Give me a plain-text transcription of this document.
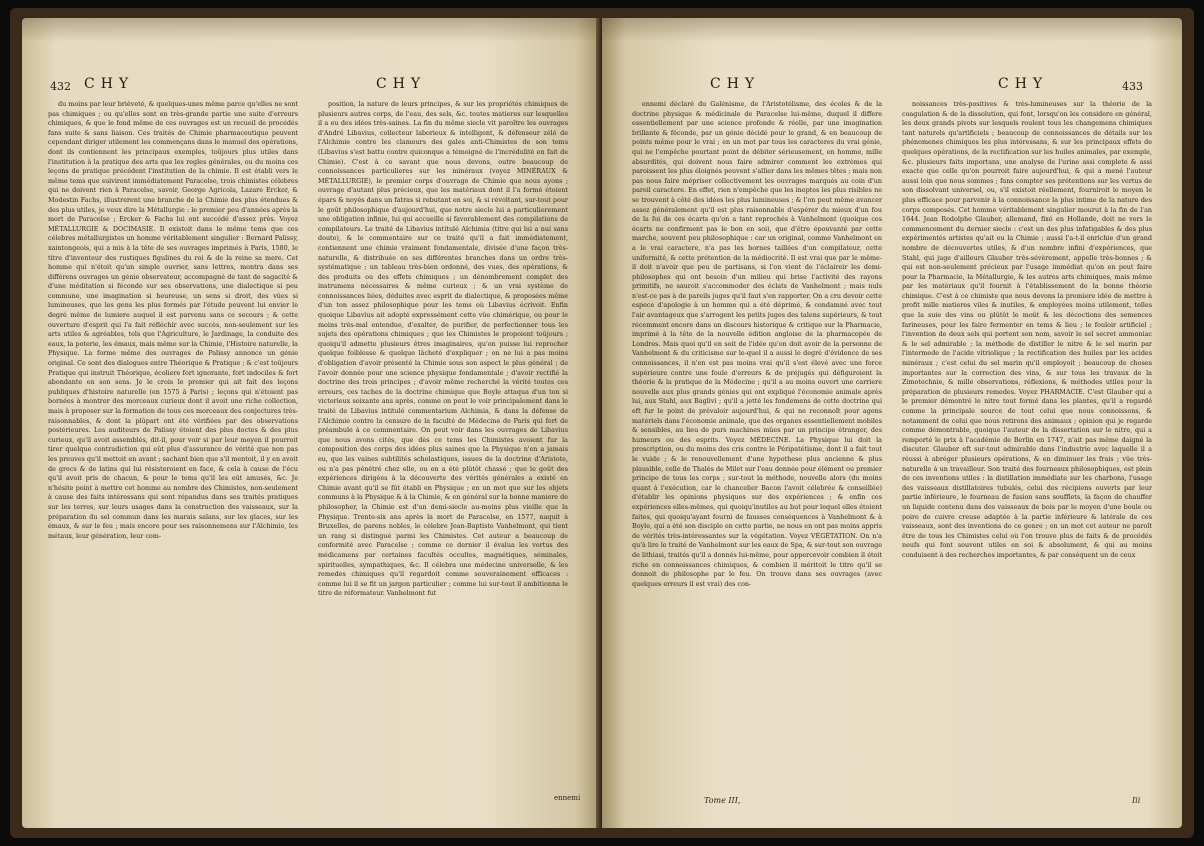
432 CHY	CHY

du moins par leur brièveté, & quelques-unes même parce qu'elles ne sont pas chimiques ; ou qu'elles sont en très-grande partie une suite d'erreurs chimiques, & que le fond même de ces ouvrages est un recueil de procédés fans suite & sans liaison. Ces traités de Chimie pharmaceutique peuvent cependant diriger utilement les commençans dans le manuel des opérations, dont ils contiennent les principaux exemples, toûjours plus utiles dans l'institution à la pratique des arts que les regles générales, ou du moins ces leçons de pratique précédent l'institution de la chimie. Il est établi vers le même tems que suivirent immédiatement Paracelse, trois chimistes célebres qui ne doivent rien à Paracelse, savoir, George Agricola, Lazare Ercker, & Modestin Fachs, illustrerent une branche de la Chimie des plus étendues & des plus utiles, je veux dire la Métallurgie : le premier peu d'années après la mort de Paracelse ; Ercker & Fachs lui ont succédé d'assez près. Voyez MÉTALLURGIE & DOCIMASIE. Il existoit dans le même tems que ces célebres métallurgistes un homme véritablement singulier : Bernard Palissy, xaintongeois, qui a mis à la tête de ses ouvrages imprimés à Paris, 1580, le titre d'inventeur des rustiques figulines du roi & de la reine sa mere. Cet homme qui n'étoit qu'un simple ouvrier, sans lettres, montra dans ses différens ouvrages un génie observateur, accompagné de tant de sagacité & d'une méditation si féconde sur ses observations, une dialectique si peu commune, une imagination si heureuse, un sens si droit, des vûes si lumineuses, que les gens les plus formés par l'étude peuvent lui envier le degré même de lumiere auquel il est parvenu sans ce secours ; & cette ouverture d'esprit qui l'a fait réfléchir avec succès, non-seulement sur les arts utiles & agréables, tels que l'Agriculture, le Jardinage, la conduite des eaux, la poterie, les émaux, mais même sur la Chimie, l'Histoire naturelle, la Physique. La forme même des ouvrages de Palissy annonce un génie original. Ce sont des dialogues entre Théorique & Pratique ; & c'est toûjours Pratique qui instruit Théorique, écoliere fort ignorante, fort indociles & fort abondante en son sens. Je le crois le premier qui ait fait des leçons publiques d'histoire naturelle (en 1575 à Paris) ; leçons qui n'étoient pas bornées à montrer des morceaux curieux dont il avoit une riche collection, mais à proposer sur la formation de tous ces morceaux des conjectures très-raisonnables, & dont la plûpart ont été vérifiées par des observations postérieures. Les auditeurs de Palissy étoient des plus doctes & des plus curieux, qu'il avoit assemblés, dit-il, pour voir si par leur moyen il pourroit tirer quelque contradiction qui eût plus d'assurance de vérité que non pas les preuves qu'il mettoit en avant ; sachant bien que s'il mentoit, il y en avoit de grecs & de latins qui lui résisteroient en face, & cela à cause de l'écu qu'il avoit pris de chacun, & pour le tems qu'il les eût amusés, &c. Je n'hésite point à mettre cet homme au nombre des Chimistes, non-seulement à cause des faits intéressans qui sont répandus dans ses traités pratiques sur les terres, sur leurs usages dans la construction des vaisseaux, sur la préparation du sel commun dans les marais salans, sur les glaces, sur les émaux, & sur le feu ; mais encore pour ses raisonnemens sur l'Alchimie, les métaux, leur génération, leur com-

position, la nature de leurs principes, & sur les propriétés chimiques de plusieurs autres corps, de l'eau, des sels, &c. toutes matieres sur lesquelles il a eu des idées très-saines. La fin du même siecle vit paroître les ouvrages d'André Libavius, collecteur laborieux & intelligent, & défenseur zélé de l'Alchimie contre les clameurs des gales anti-Chimistes de son tems (Libavius s'est battu contre quiconque a témoigné de l'incrédulité en fait de Chimie). C'est à ce savant que nous devons, outre beaucoup de connoissances particulieres sur les minéraux (voyez MINÉRAUX & MÉTALLURGIE), le premier corps d'ouvrage de Chimie que nous ayons ; ouvrage d'autant plus précieux, que les matériaux dont il l'a formé étoient épars & noyés dans un fatras si rebutant en soi, & si révoltant, sur-tout pour le goût philosophique d'aujourd'hui, que notre siecle lui a particulierement une obligation infinie, lui qui accueille si favorablement des compilations de compilateurs. Le traité de Libavius intitulé Alchimia (titre qui lui a nui sans doute), & le commentaire sur ce traité qu'il a fait immédiatement, contiennent une chimie vraiment fondamentale, divisée d'une façon très-naturelle, & distribuée en ses différentes branches dans un ordre très-systématique ; un tableau très-bien ordonné, des vues, des opérations, & des produits ou des effets chimiques ; un dénombrement complet des instrumens nécessaires & même curieux ; & un vrai système de connoissances liées, déduites avec esprit de dialectique, & proposées même d'un ton assez philosophique pour les tems où Libavius écrivoit. Enfin quoique Libavius ait adopté expressément cette vûe chimérique, ou pour le moins très-mal entendue, d'exalter, de purifier, de perfectionner tous les sujets des opérations chimiques ; que les Chimistes le propoient toûjours ; quoiqu'il admette plusieurs êtres imaginaires, qu'on puisse lui reprocher quelque foiblesse & quelque lâcheté d'expliquer ; on ne lui a pas moins d'obligation d'avoir présenté la Chimie sous son aspect le plus général ; de l'avoir donnée pour une science physique fondamentale ; d'avoir rectifié la doctrine des trois principes ; d'avoir même recherché la vérité toutes ces erreurs, ces taches de la doctrine chimique que Boyle attaqua d'un ton si victorieux soixante ans après, comme on peut le voir principalement dans le traité de Libavius intitulé commentarium Alchimia, & dans la défense de l'Alchimie contre la censure de la faculté de Médecine de Paris qui fert de préambule à ce commentaire. On peut voir dans les ouvrages de Libavius que nous avons cités, que dès ce tems les Chimistes avoient fur la composition des corps des idées plus saines que la Physique n'en a jamais eu, que les vaines subtilités scholastiques, issues de la doctrine d'Aristote, ou n'a pas pénétré chez elle, ou en a été plûtôt chassé ; que le goût des expériences dirigées à la découverte des vérités générales a existé en Chimie avant qu'il se fût établi en Physique ; en un mot que sur les objets communs à la Physique & à la Chimie, & en général sur la bonne maniere de philosopher, la Chimie est d'un demi-siecle au-moins plus vieille que la Physique. Trente-six ans après la mort de Paracelse, en 1577, naquit à Bruxelles, de parens nobles, le célebre Jean-Baptiste Vanhelmont, qui tient un rang si distingué parmi les Chimistes. Cet auteur a beaucoup de conformité avec Paracelse ; comme ce dernier il évalua les vertus des médicamens par certaines facultés occultes, magnétiques, séminales, spirituelles, sympathiques, &c. Il célebra une médecine universelle, & les remedes chimiques qu'il regardoit comme souverainement efficaces : comme lui il se fit un jargon particulier ; comme lui sur-tout il ambitionna le titre de réformateur. Vanhelmont fut

ennemi
CHY	CHY	433

ennemi déclaré du Galénisme, de l'Aristotélisme, des écoles & de la doctrine physique & médicinale de Paracelse lui-même, duquel il differe essentiellement par une science profonde & réelle, par une imagination brillante & féconde, par un génie décidé pour le grand, & en beaucoup de points même pour le vrai ; en un mot par tous les caracteres du vrai génie, qui ne l'empêche pourtant point de débiter sérieusement, en homme, mille absurdités, qui doivent nous faire admirer comment les extrèmes qui paroissent les plus éloignés peuvent s'allier dans les mêmes têtes ; mais non pas nous faire mépriser collectivement les ouvrages marqués au coin d'un pareil caractere. En effet, rien n'empêche que les ineptes les plus risibles ne se trouvent à côté des idées les plus lumineuses ; & l'on peut même avancer assez généralement qu'il est plus raisonnable d'espérer du mieux d'un fou de la foi de ces écarts qu'on a tant reprochés à Vanhelmont (quoique ces écarts ne confirment pas le bon en soi), que d'être épouvanté par cette marche, souvent peu philosophique : car un original, comme Vanhelmont en a le vrai caractere, n'a pas les bornes taillées d'un compilateur, cette uniformité, & cette prétention de la médiocrité. Il est vrai que par le même-il doit n'avoir que peu de partisans, si l'on vient de l'éclaireir les demi-philosophes qui ont besoin d'un milieu qui brise l'activité des rayons primitifs, ne sauroit s'accommoder des éclats de Vanhelmont ; mais nuls n'est-ce pas à de pareils juges qu'il faut s'en rapporter. On a cru devoir cette espece d'apologie à un homme qui a été déprimé, & condamné avec tout l'air avantageux que s'arrogent les petits juges des talens supérieurs, & tout récemment encore dans un discours historique & critique sur la Pharmacie, imprimé à la tête de la nouvelle édition angloise de la pharmacopée de Londres. Mais quoi qu'il en soit de l'idée qu'on doit avoir de la personne de Vanhelmont & du criticisme sur le-quel il a aussi le degré d'évidence de ses connoissances, il n'en est pas moins vrai qu'il s'est élevé avec une force supérieure contre une foule d'erreurs & de préjugés qui défiguroient la théorie & la pratique de la Médecine ; qu'il a au moins ouvert une carriere nouvelle aux plus grands génies qui ont expliqué l'économie animale après lui, aux Stahl, aux Baglivi ; qu'il a jetté les fondemens de cette doctrine qui eft fur le point de prévaloir aujourd'hui, & qui ne reconnoît pour agens matériels dans l'économie animale, que des organes essentiellement mobiles & sensibles, au lieu de purs machines mûes par un principe étranger, des humeurs ou des esprits. Voyez MÉDECINE. La Physique lui doit la proscription, ou du moins des cris contre le Péripatétisme, dont il a fait tout le vuide ; & le renouvellement d'une hypothese plus ancienne & plus plausible, celle de Thalès de Milet sur l'eau donnée pour élément ou premier principe de tous les corps ; sur-tout la méthode, nouvelle alors (du moins quant à l'exécution, car le chancelier Bacon l'avoit célebrée & conseillée) d'établir les opinions physiques sur des expériences ; & enfin ces expériences elles-mêmes, qui quoiqu'inutiles au but pour lequel elles étoient faites, qui quoiqu'ayant fourni de fausses conséquences à Vanhelmont & à Boyle, qui a été son disciple en cette partie, ne nous en ont pas moins appris de vérités très-intéressantes sur la végétation. Voyez VÉGÉTATION. On n'a qu'à lire le traité de Vanhelmont sur les eaux de Spa, & sur-tout son ouvrage de lithiasi, traités qu'il a donnés lui-même, pour appercevoir combien il étoit riche en connoissances chimiques, & combien il méritoit le titre qu'il se donnoit de philosophe par le feu. On trouve dans ses ouvrages (avec quelques erreurs il est vrai) des con-

noissances très-positives & très-lumineuses sur la théorie de la coagulation & de la dissolution, qui font, lorsqu'on les considere en général, les deux grands pivots sur lesquels roulent tous les changemens chimiques tant naturels qu'artificiels ; beaucoup de connoissances de détails sur les phénomenes chimiques les plus intéressans, & sur les principaux effets de quelques opérations, de la rectification sur les huiles animales, par exemple, &c. plusieurs faits importans, une analyse de l'urine assi complete & assi exacte que celle qu'on pourroit faire aujourd'hui, & qui a mené l'auteur aussi loin que nous sommes ; fans compter ses prétentions sur les vertus de son dissolvant universel, ou, s'il existoit réellement, fourniroit le moyen le plus efficace pour parvenir à la connoissance la plus intime de la nature des corps composés. Cet homme véritablement singulier mourut à la fin de l'an 1644. Jean Rodolphe Glauber, allemand, fixé en Hollande, doit ne vers le commencement du dernier siecle : c'est un des plus infatigables & des plus expérimentés artistes qu'ait eu la Chimie ; aussi l'a-t-il enrichie d'un grand nombre de découvertes utiles, & d'un nombre infini d'expériences, que Stahl, qui juge d'ailleurs Glauber très-sévèrement, appelle très-bonnes ; & qui est non-seulement précieux par l'usage immédiat qu'on en peut faire pour la Pharmacie, la Métallurgie, & les autres arts chimiques, mais même par les matériaux qu'il fournit à l'établissement de la bonne théorie chimique. C'est à ce chimiste que nous devons la premiere idée de mettre à profit mille matieres viles & inutiles, & employées moins utilement, telles que la suie des vins ou plûtôt le moût & les décoctions des semences farineuses, pour les faire fermenter en tems & lieu ; le fouloir artificiel ; l'invention de deux sels qui portent son nom, savoir le sel secret ammoniac & le sel admirable ; la méthode de distiller le nitre & le sel marin par l'intermede de l'acide vitriolique ; la rectification des huiles par les acides minéraux ; c'est celui du sel marin qu'il employoit ; beaucoup de choses importantes sur la correction des vins, & sur tous les travaux de la Zimotechnie, & mille observations, réflexions, & méthodes utiles pour la préparation de plusieurs remedes. Voyez PHARMACIE. C'est Glauber qui a le premier démontré le nitre tout formé dans les plantes, qu'il a regardé comme la principale source de tout celui que nous connoissons, & notamment de celui que nous retirons des animaux ; opinion qui je regarde comme démontrable, quoique l'auteur de la dissertation sur le nitre, qui a remporté le prix à l'académie de Berlin en 1747, n'ait pas même daigné la discuter. Glauber eft sur-tout admirable dans l'industrie avec laquelle il a réussi à abréger plusieurs opérations, & en diminuer les frais ; vûe très-naturelle à un travailleur. Son traité des fourneaux philosophiques, est plein de ces inventions utiles : la distillation immédiate sur les charbons, l'usage des vaisseaux distillatoires tubulés, celui des récipiens ouverts par leur partie inférieure, le fourneau de fusion sans soufflets, la façon de chauffer un liquide contenu dans des vaisseaux de bois par le moyen d'une boule ou poire de cuivre creuse adaptée à la partie inférieure & latérale de ces vaisseaux, sont des inventions de ce genre ; en un mot cet auteur ne paroît être de tous les Chimistes celui où l'on trouve plus de faits & de procédés neufs qui font souvent utiles en soi & absolument, & qui au moins conduisent à des recherches importantes, & par conséquent un de ceux

Tome III,	Iii
